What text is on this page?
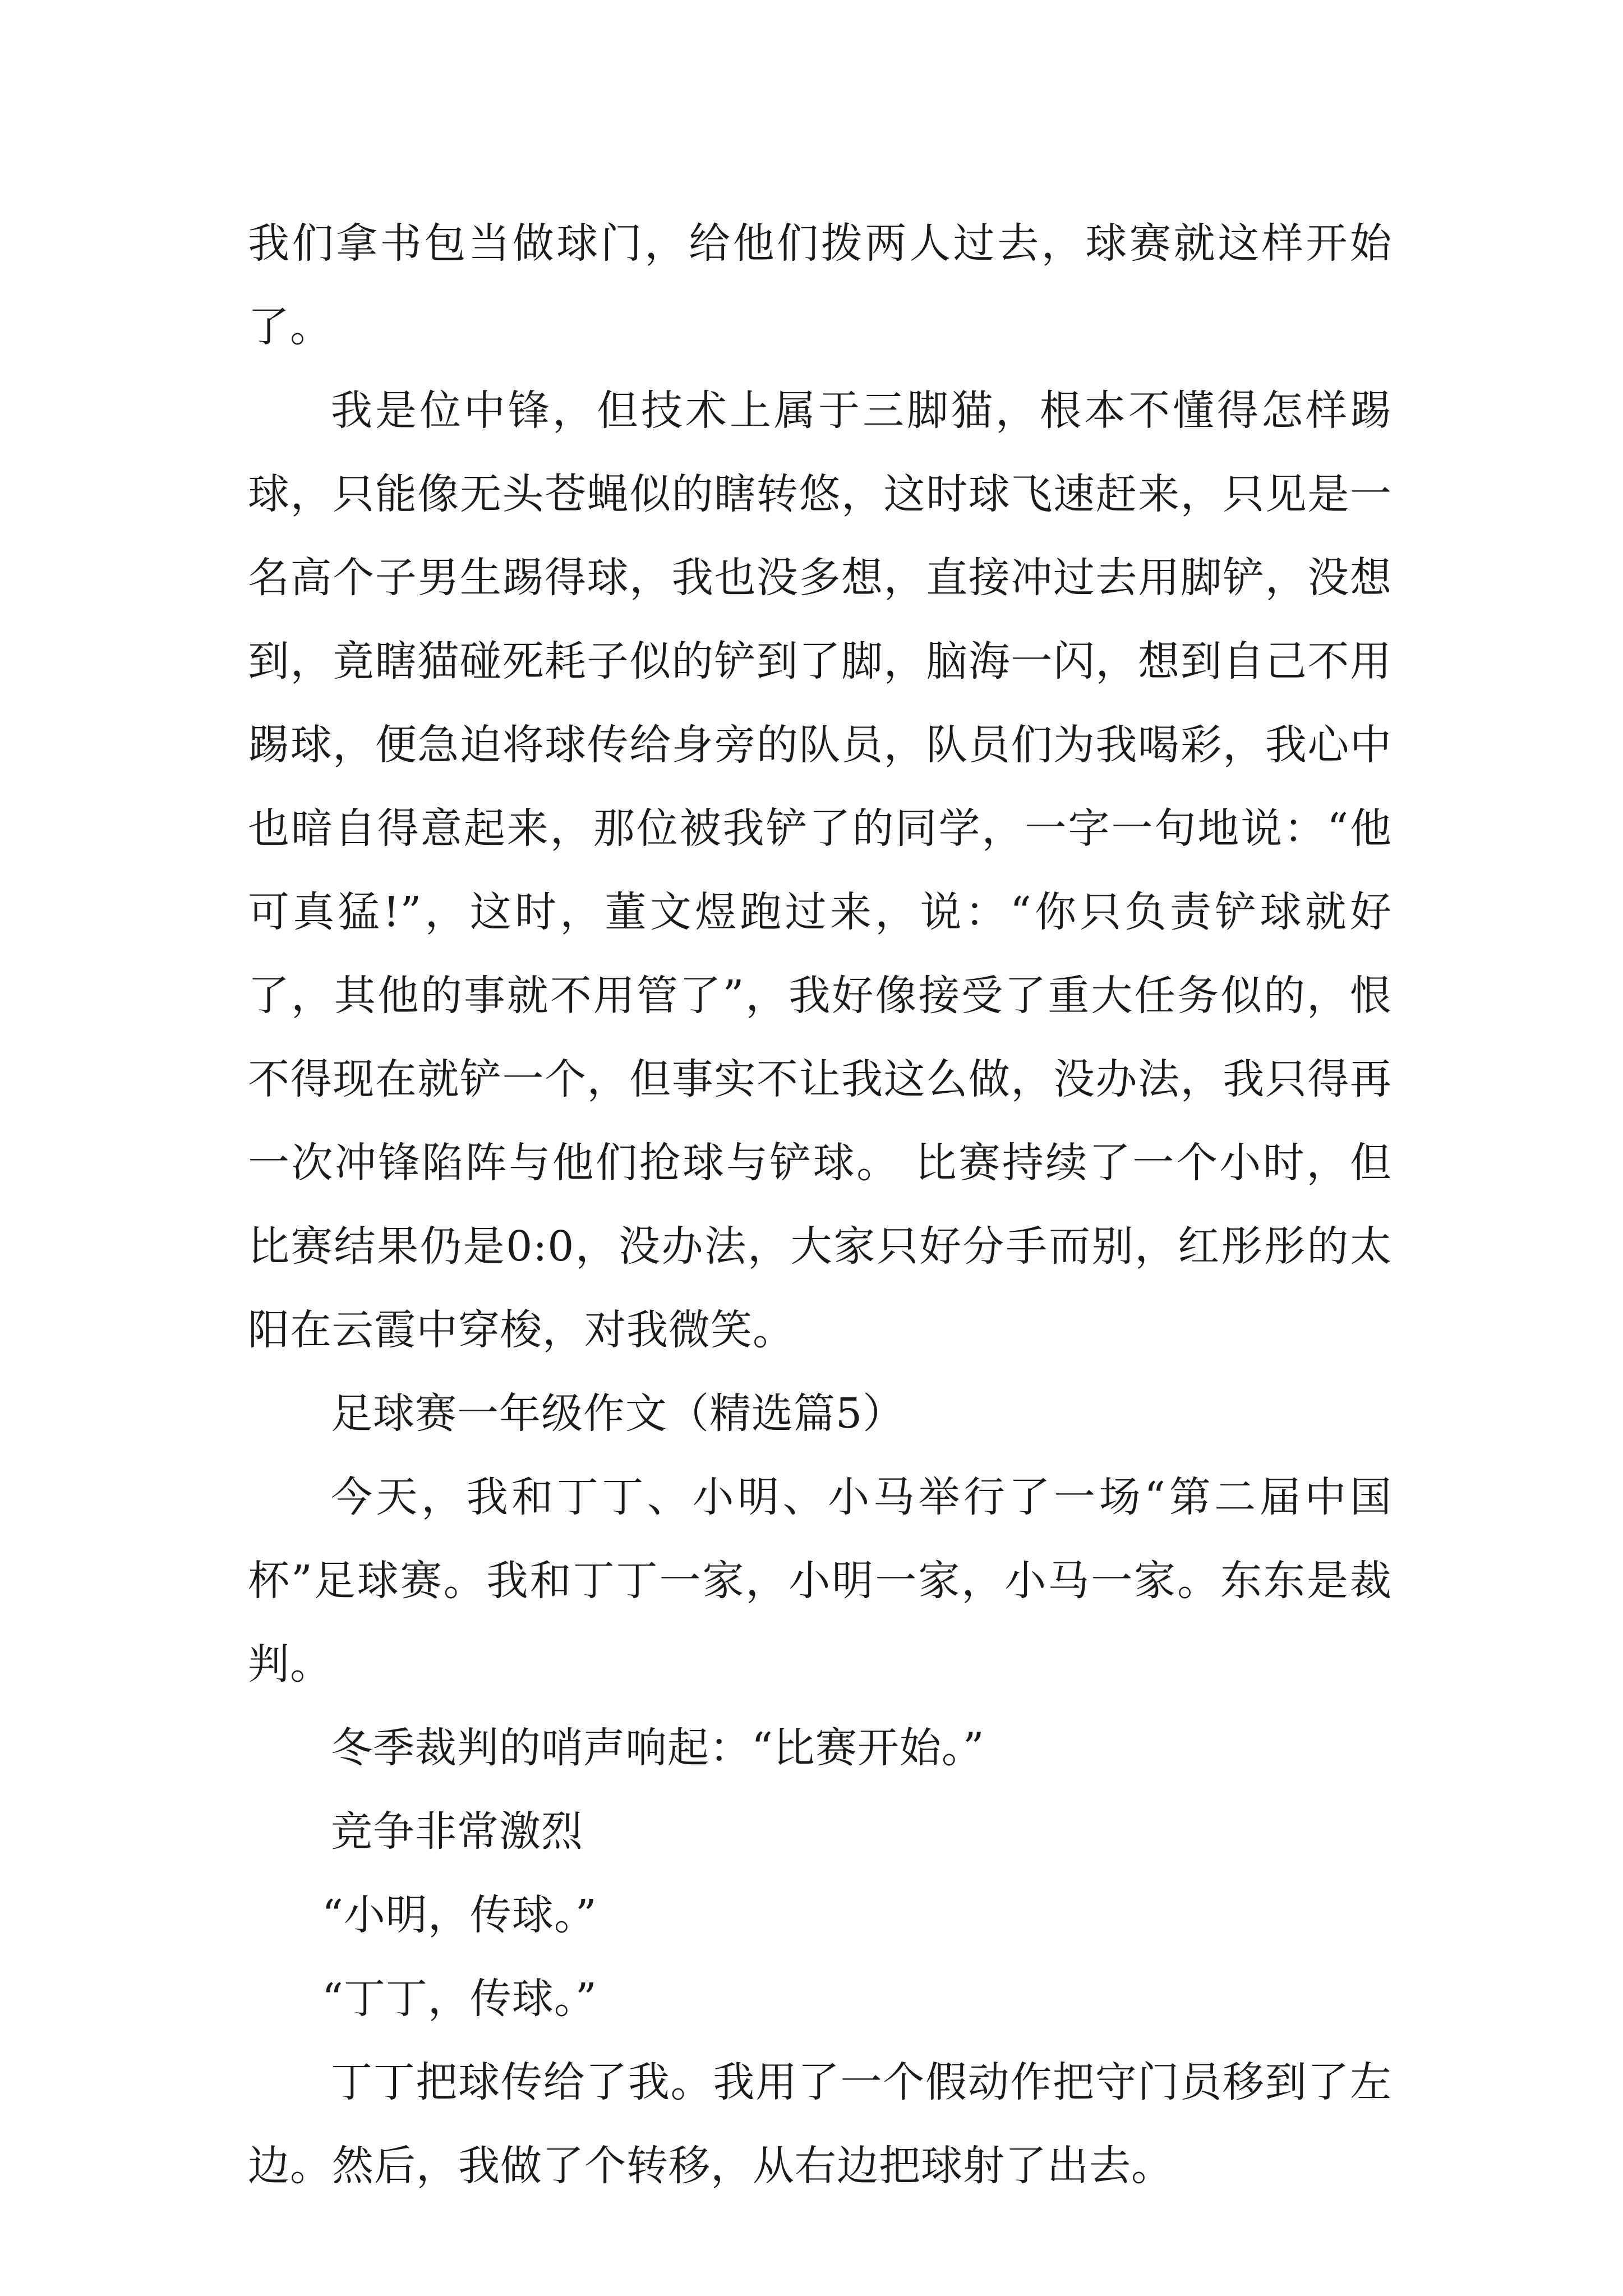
我们拿书包当做球门，给他们拨两人过去，球赛就这样开始了。

我是位中锋，但技术上属于三脚猫，根本不懂得怎样踢球，只能像无头苍蝇似的瞎转悠，这时球飞速赶来，只见是一名高个子男生踢得球，我也没多想，直接冲过去用脚铲，没想到，竟瞎猫碰死耗子似的铲到了脚，脑海一闪，想到自己不用踢球，便急迫将球传给身旁的队员，队员们为我喝彩，我心中也暗自得意起来，那位被我铲了的同学，一字一句地说：“他可真猛!”，这时，董文煜跑过来，说：“你只负责铲球就好了，其他的事就不用管了”，我好像接受了重大任务似的，恨不得现在就铲一个，但事实不让我这么做，没办法，我只得再一次冲锋陷阵与他们抢球与铲球。 比赛持续了一个小时，但比赛结果仍是0:0，没办法，大家只好分手而别，红彤彤的太阳在云霞中穿梭，对我微笑。

足球赛一年级作文（精选篇5）

今天，我和丁丁、小明、小马举行了一场“第二届中国杯”足球赛。我和丁丁一家，小明一家，小马一家。东东是裁判。

冬季裁判的哨声响起：“比赛开始。”

竞争非常激烈

“小明，传球。”

“丁丁，传球。”

丁丁把球传给了我。我用了一个假动作把守门员移到了左边。然后，我做了个转移，从右边把球射了出去。
